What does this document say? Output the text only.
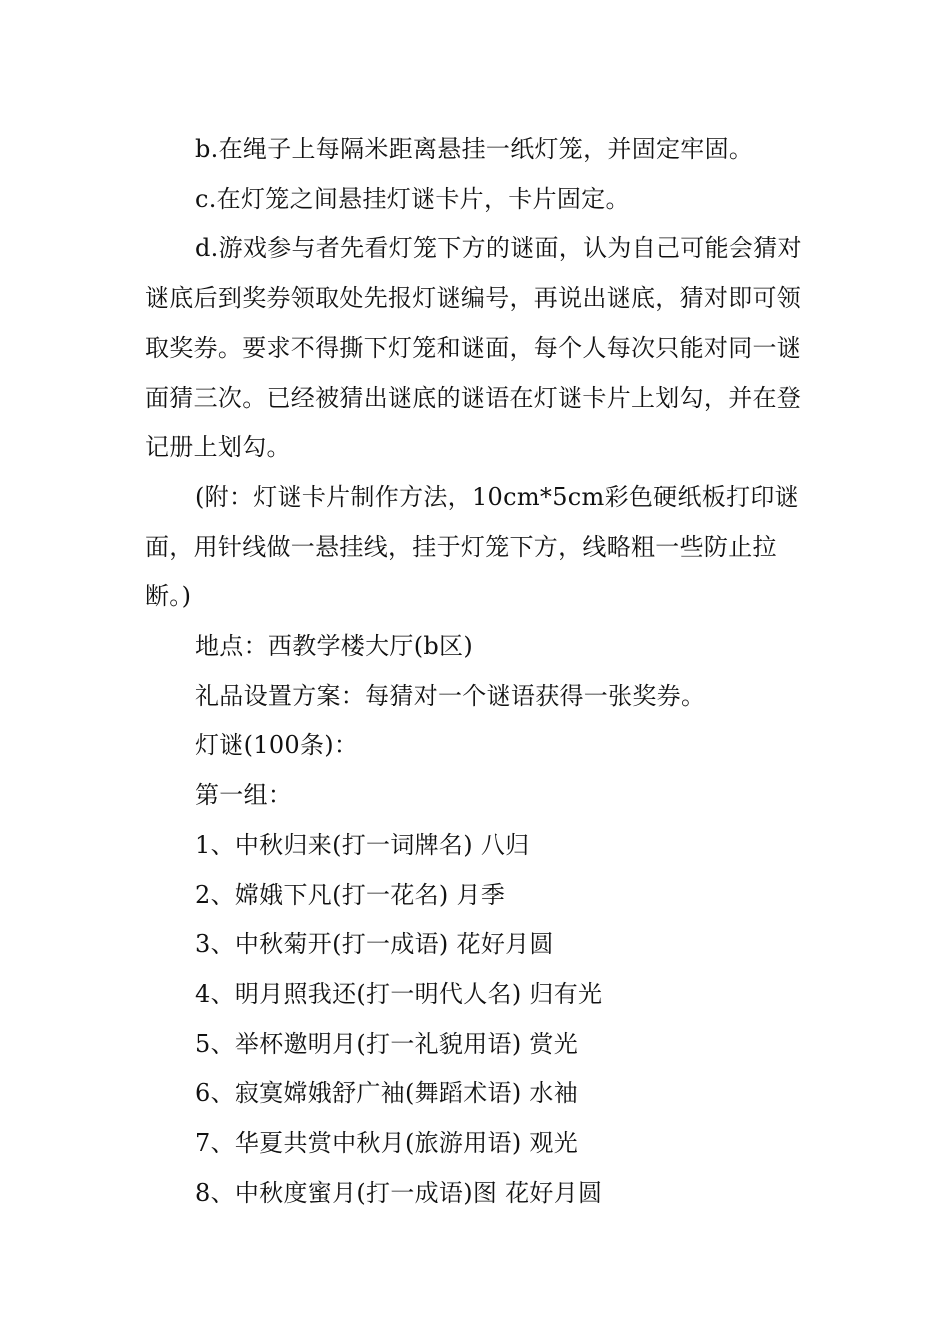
b.在绳子上每隔米距离悬挂一纸灯笼，并固定牢固。

c.在灯笼之间悬挂灯谜卡片，卡片固定。

d.游戏参与者先看灯笼下方的谜面，认为自己可能会猜对谜底后到奖券领取处先报灯谜编号，再说出谜底，猜对即可领取奖券。要求不得撕下灯笼和谜面，每个人每次只能对同一谜面猜三次。已经被猜出谜底的谜语在灯谜卡片上划勾，并在登记册上划勾。

(附：灯谜卡片制作方法，10cm*5cm彩色硬纸板打印谜面，用针线做一悬挂线，挂于灯笼下方，线略粗一些防止拉断。)

地点：西教学楼大厅(b区)

礼品设置方案：每猜对一个谜语获得一张奖券。

灯谜(100条)：

第一组：

1、中秋归来(打一词牌名) 八归

2、嫦娥下凡(打一花名) 月季

3、中秋菊开(打一成语) 花好月圆

4、明月照我还(打一明代人名) 归有光

5、举杯邀明月(打一礼貌用语) 赏光

6、寂寞嫦娥舒广袖(舞蹈术语) 水袖

7、华夏共赏中秋月(旅游用语) 观光

8、中秋度蜜月(打一成语)图 花好月圆
